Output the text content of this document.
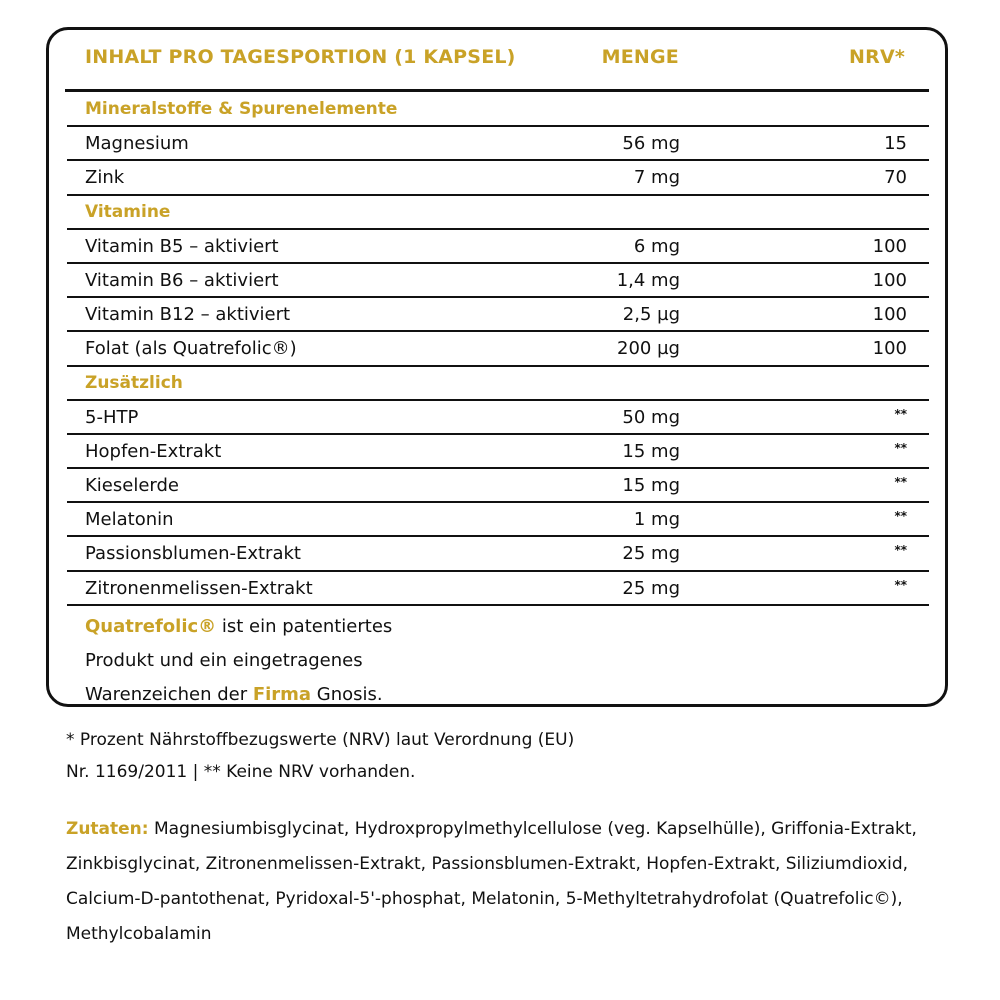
INHALT PRO TAGESPORTION (1 KAPSEL)	MENGE	NRV*
Mineralstoffe & Spurenelemente
Magnesium	56 mg	15
Zink	7 mg	70
Vitamine
Vitamin B5 – aktiviert	6 mg	100
Vitamin B6 – aktiviert	1,4 mg	100
Vitamin B12 – aktiviert	2,5 µg	100
Folat (als Quatrefolic®)	200 µg	100
Zusätzlich
5-HTP	50 mg	**
Hopfen-Extrakt	15 mg	**
Kieselerde	15 mg	**
Melatonin	1 mg	**
Passionsblumen-Extrakt	25 mg	**
Zitronenmelissen-Extrakt	25 mg	**
Quatrefolic® ist ein patentiertes
Produkt und ein eingetragenes
Warenzeichen der Firma Gnosis.
* Prozent Nährstoffbezugswerte (NRV) laut Verordnung (EU)
Nr. 1169/2011 | ** Keine NRV vorhanden.
Zutaten: Magnesiumbisglycinat, Hydroxpropylmethylcellulose (veg. Kapselhülle), Griffonia-Extrakt, Zinkbisglycinat, Zitronenmelissen-Extrakt, Passionsblumen-Extrakt, Hopfen-Extrakt, Siliziumdioxid, Calcium-D-pantothenat, Pyridoxal-5'-phosphat, Melatonin, 5-Methyltetrahydrofolat (Quatrefolic©), Methylcobalamin
